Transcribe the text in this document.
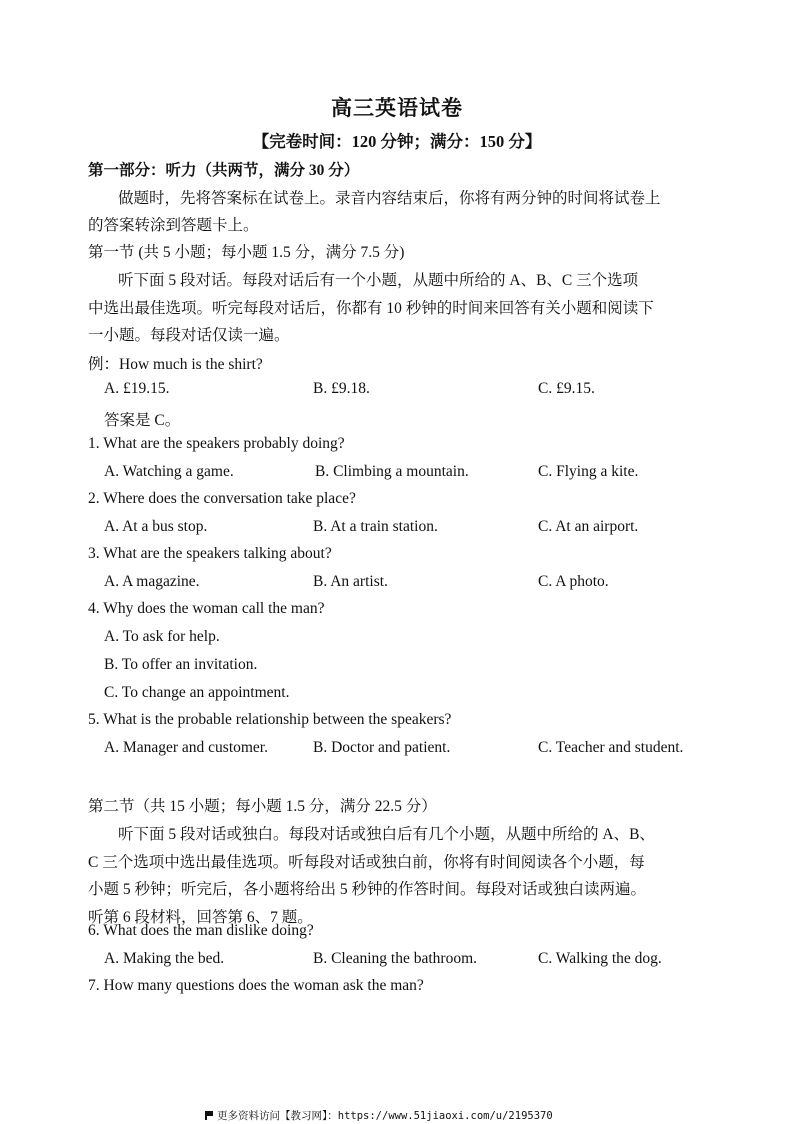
高三英语试卷
【完卷时间：120 分钟；满分：150 分】
第一部分：听力（共两节，满分 30 分）
做题时，先将答案标在试卷上。录音内容结束后，你将有两分钟的时间将试卷上
的答案转涂到答题卡上。
第一节 (共 5 小题；每小题 1.5 分，满分 7.5 分)
听下面 5 段对话。每段对话后有一个小题，从题中所给的 A、B、C 三个选项
中选出最佳选项。听完每段对话后，你都有 10 秒钟的时间来回答有关小题和阅读下
一小题。每段对话仅读一遍。
例：How much is the shirt?
A. £19.15.	B. £9.18.	C. £9.15.
答案是 C。
1. What are the speakers probably doing?
A. Watching a game.	B. Climbing a mountain.	C. Flying a kite.
2. Where does the conversation take place?
A. At a bus stop.	B. At a train station.	C. At an airport.
3. What are the speakers talking about?
A. A magazine.	B. An artist.	C. A photo.
4. Why does the woman call the man?
A. To ask for help.
B. To offer an invitation.
C. To change an appointment.
5. What is the probable relationship between the speakers?
A. Manager and customer.	B. Doctor and patient.	C. Teacher and student.
第二节（共 15 小题；每小题 1.5 分，满分 22.5 分）
听下面 5 段对话或独白。每段对话或独白后有几个小题，从题中所给的 A、B、
C 三个选项中选出最佳选项。听每段对话或独白前，你将有时间阅读各个小题，每
小题 5 秒钟；听完后，各小题将给出 5 秒钟的作答时间。每段对话或独白读两遍。
听第 6 段材料，回答第 6、7 题。
6. What does the man dislike doing?
A. Making the bed.	B. Cleaning the bathroom.	C. Walking the dog.
7. How many questions does the woman ask the man?
更多资料访问【教习网】：https://www.51jiaoxi.com/u/2195370
